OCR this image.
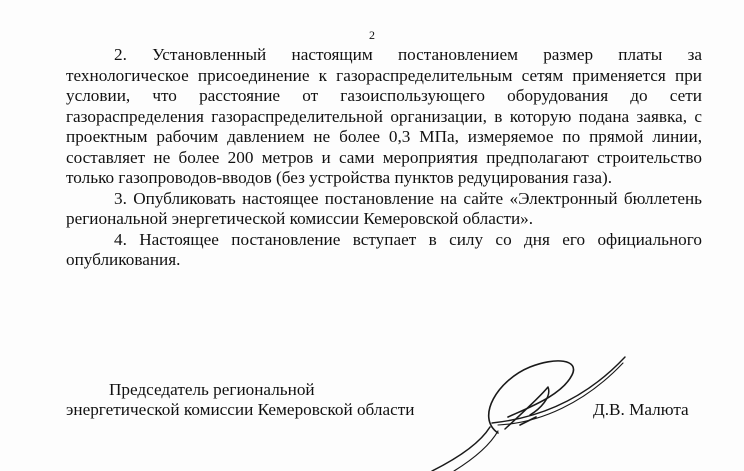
2

2. Установленный настоящим постановлением размер платы за технологическое присоединение к газораспределительным сетям применяется при условии, что расстояние от газоиспользующего оборудования до сети газораспределения газораспределительной организации, в которую подана заявка, с проектным рабочим давлением не более 0,3 МПа, измеряемое по прямой линии, составляет не более 200 метров и сами мероприятия предполагают строительство только газопроводов-вводов (без устройства пунктов редуцирования газа).

3. Опубликовать настоящее постановление на сайте «Электронный бюллетень региональной энергетической комиссии Кемеровской области».

4. Настоящее постановление вступает в силу со дня его официального опубликования.

Председатель региональной
энергетической комиссии Кемеровской области	Д.В. Малюта
